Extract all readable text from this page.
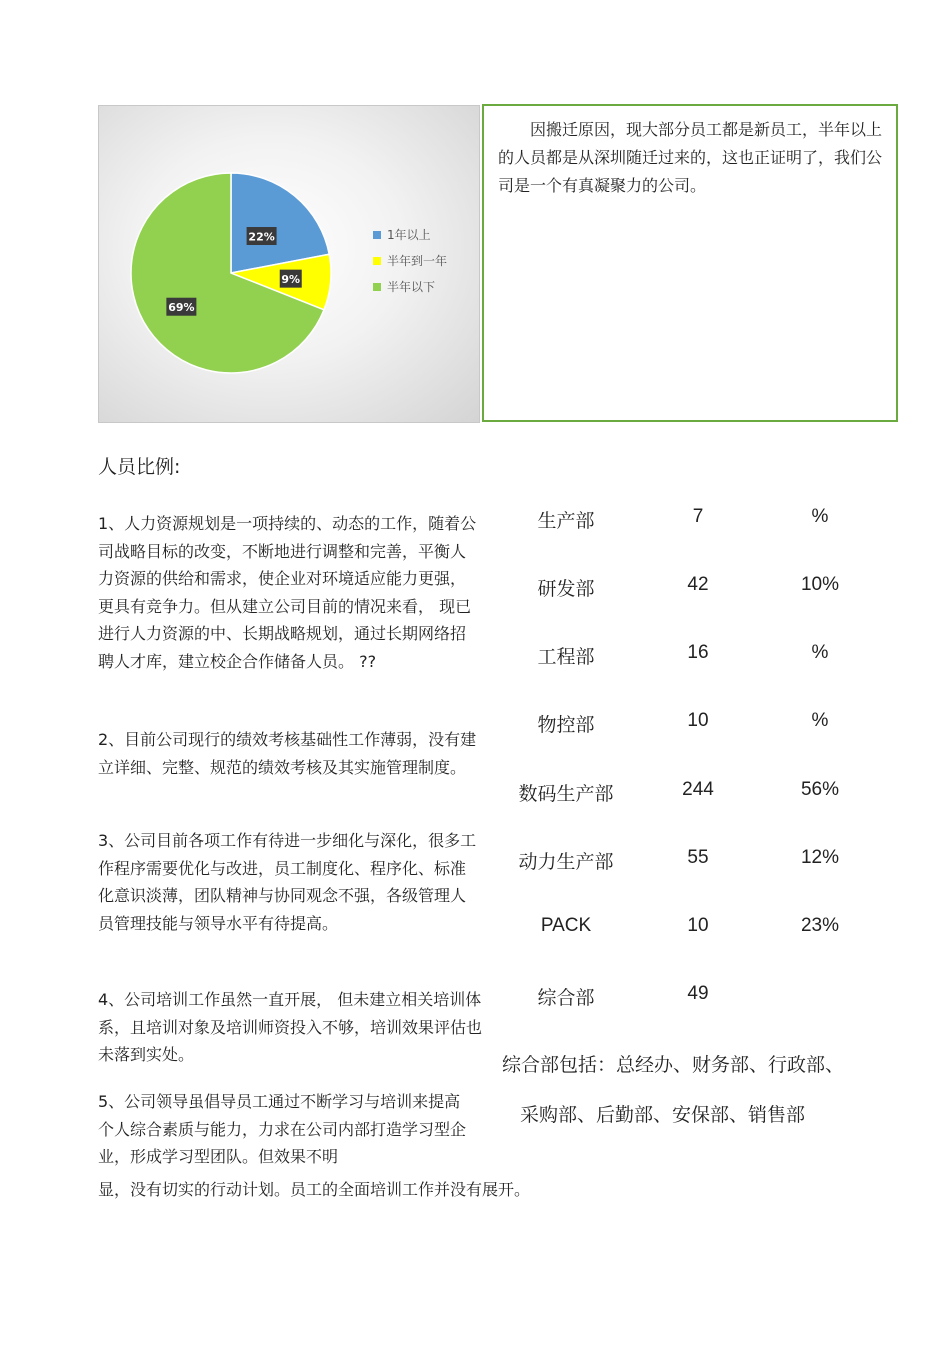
22%
9%
69%
1年以上
半年到一年
半年以下

因搬迁原因，现大部分员工都是新员工，半年以上的人员都是从深圳随迁过来的，这也正证明了，我们公司是一个有真凝聚力的公司。

人员比例:
1、人力资源规划是一项持续的、动态的工作，随着公司战略目标的改变，不断地进行调整和完善，平衡人力资源的供给和需求，使企业对环境适应能力更强，更具有竞争力。但从建立公司目前的情况来看， 现已进行人力资源的中、长期战略规划，通过长期网络招聘人才库，建立校企合作储备人员。 ??
2、目前公司现行的绩效考核基础性工作薄弱，没有建立详细、完整、规范的绩效考核及其实施管理制度。
3、公司目前各项工作有待进一步细化与深化，很多工作程序需要优化与改进，员工制度化、程序化、标准化意识淡薄，团队精神与协同观念不强，各级管理人员管理技能与领导水平有待提高。
4、公司培训工作虽然一直开展， 但未建立相关培训体系，且培训对象及培训师资投入不够，培训效果评估也未落到实处。
5、公司领导虽倡导员工通过不断学习与培训来提高个人综合素质与能力，力求在公司内部打造学习型企业，形成学习型团队。但效果不明
显，没有切实的行动计划。员工的全面培训工作并没有展开。
生产部	7	%
研发部	42	10%
工程部	16	%
物控部	10	%
数码生产部	244	56%
动力生产部	55	12%
PACK	10	23%
综合部	49
综合部包括：总经办、财务部、行政部、
采购部、后勤部、安保部、销售部
